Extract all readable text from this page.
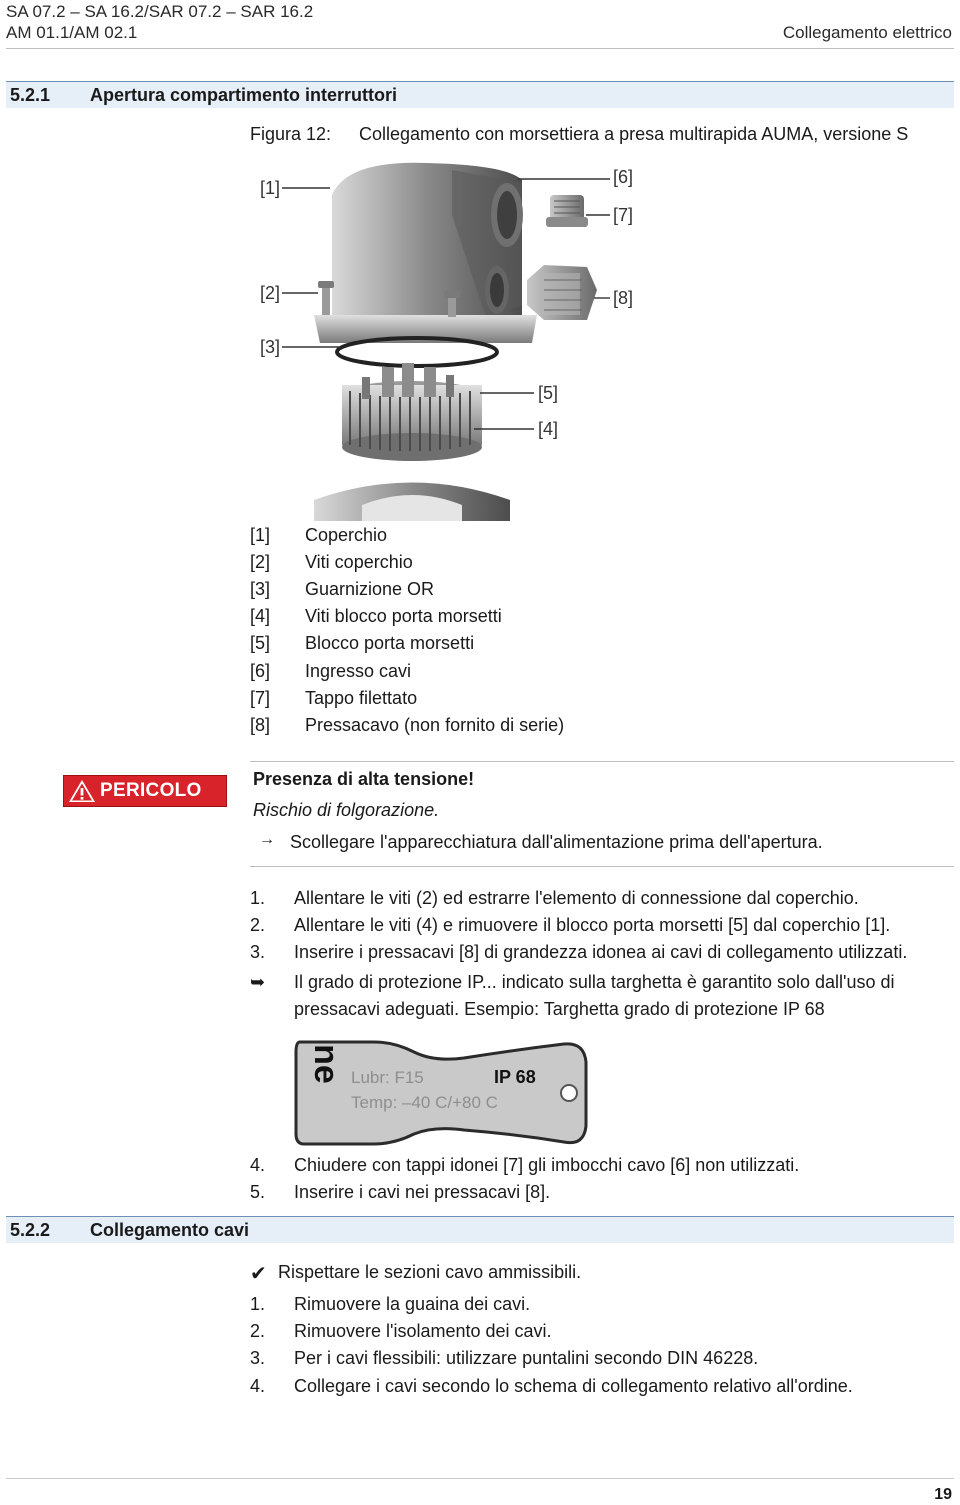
SA 07.2 – SA 16.2/SAR 07.2 – SAR 16.2
AM 01.1/AM 02.1	Collegamento elettrico
5.2.1 Apertura compartimento interruttori
Figura 12: Collegamento con morsettiera a presa multirapida AUMA, versione S
[1]
[2]
[3]
[5]
[4]
[6]
[7]
[8]
[1] Coperchio
[2] Viti coperchio
[3] Guarnizione OR
[4] Viti blocco porta morsetti
[5] Blocco porta morsetti
[6] Ingresso cavi
[7] Tappo filettato
[8] Pressacavo (non fornito di serie)
PERICOLO
Presenza di alta tensione!
Rischio di folgorazione.
→ Scollegare l'apparecchiatura dall'alimentazione prima dell'apertura.
1. Allentare le viti (2) ed estrarre l'elemento di connessione dal coperchio.
2. Allentare le viti (4) e rimuovere il blocco porta morsetti [5] dal coperchio [1].
3. Inserire i pressacavi [8] di grandezza idonea ai cavi di collegamento utilizzati.
➥ Il grado di protezione IP... indicato sulla targhetta è garantito solo dall'uso di
pressacavi adeguati. Esempio: Targhetta grado di protezione IP 68
ne Lubr: F15
Temp: –40 C/+80 C
IP 68
4. Chiudere con tappi idonei [7] gli imbocchi cavo [6] non utilizzati.
5. Inserire i cavi nei pressacavi [8].
5.2.2 Collegamento cavi
✔ Rispettare le sezioni cavo ammissibili.
1. Rimuovere la guaina dei cavi.
2. Rimuovere l'isolamento dei cavi.
3. Per i cavi flessibili: utilizzare puntalini secondo DIN 46228.
4. Collegare i cavi secondo lo schema di collegamento relativo all'ordine.
19
